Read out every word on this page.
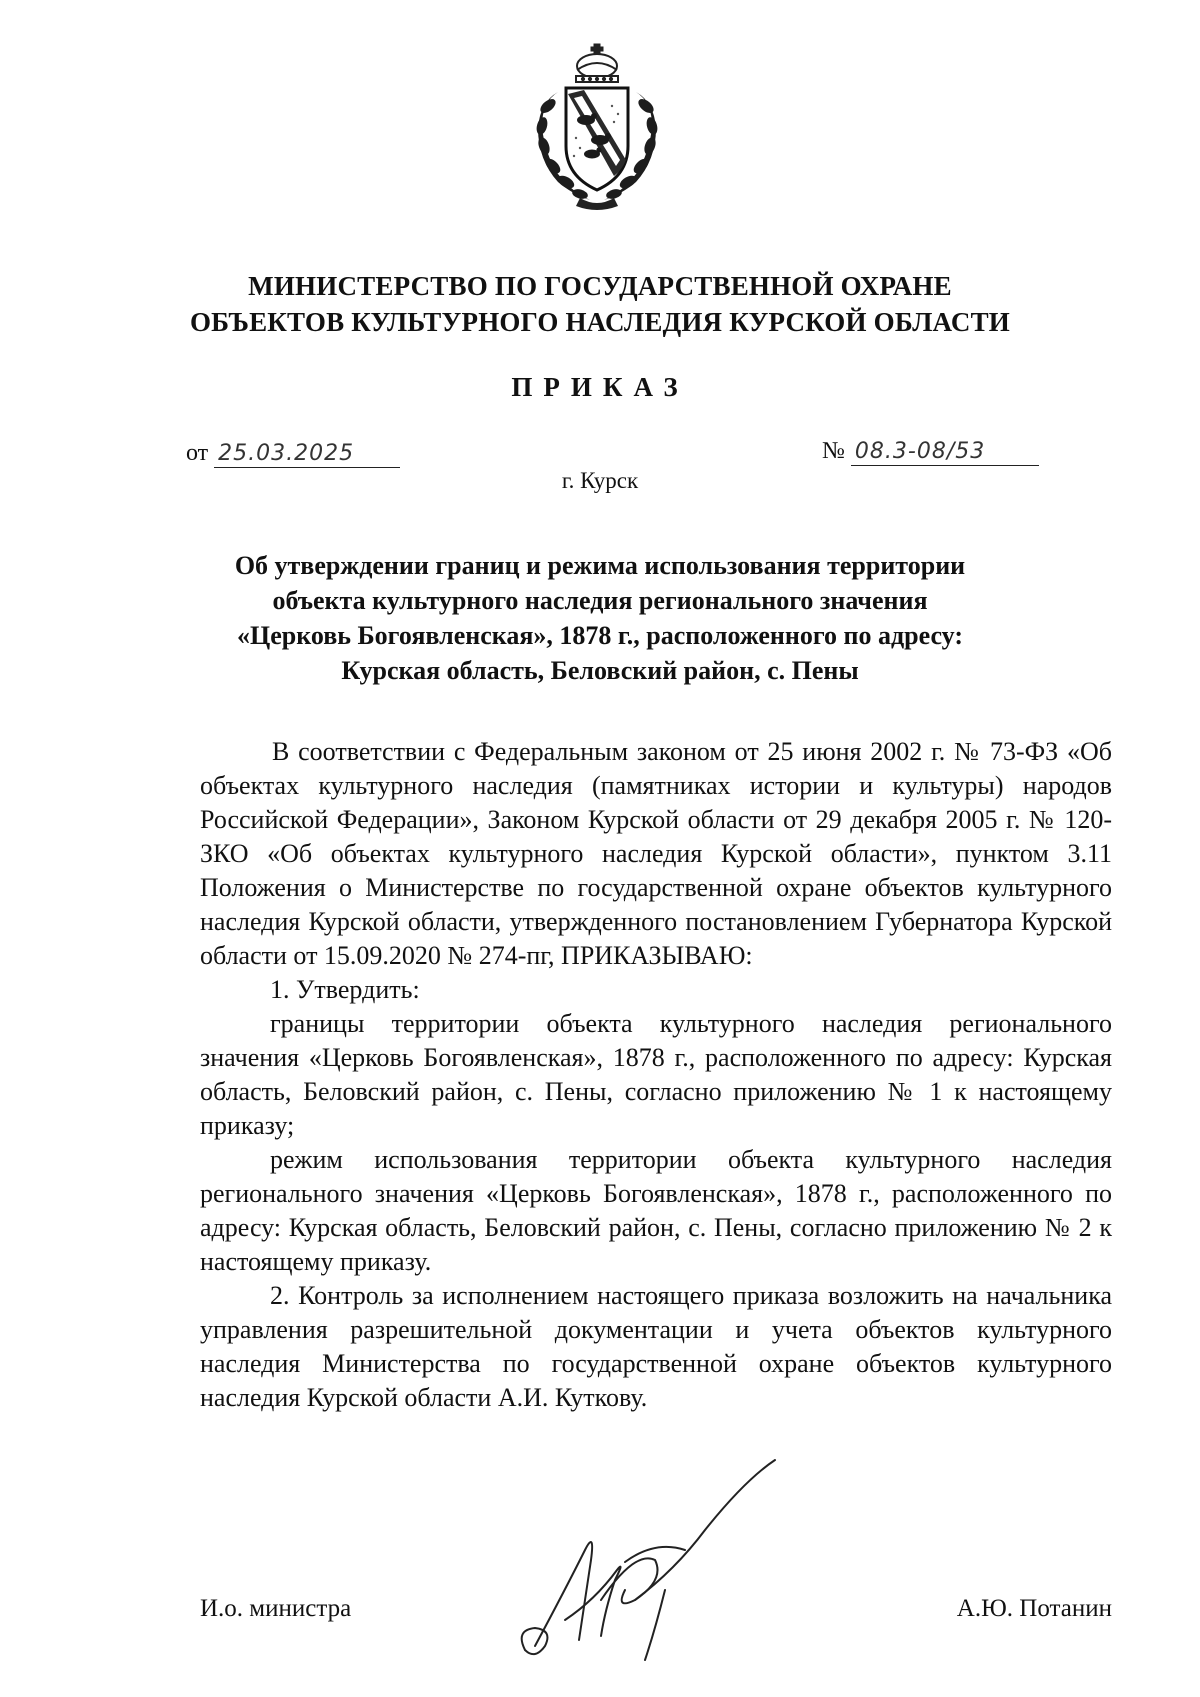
МИНИСТЕРСТВО ПО ГОСУДАРСТВЕННОЙ ОХРАНЕ
ОБЪЕКТОВ КУЛЬТУРНОГО НАСЛЕДИЯ КУРСКОЙ ОБЛАСТИ
ПРИКАЗ
от 25.03.2025	№ 08.3-08/53
г. Курск
Об утверждении границ и режима использования территории
объекта культурного наследия регионального значения
«Церковь Богоявленская», 1878 г., расположенного по адресу:
Курская область, Беловский район, с. Пены

В соответствии с Федеральным законом от 25 июня 2002 г. № 73-ФЗ «Об объектах культурного наследия (памятниках истории и культуры) народов Российской Федерации», Законом Курской области от 29 декабря 2005 г. № 120-ЗКО «Об объектах культурного наследия Курской области», пунктом 3.11 Положения о Министерстве по государственной охране объектов культурного наследия Курской области, утвержденного постановлением Губернатора Курской области от 15.09.2020 № 274-пг, ПРИКАЗЫВАЮ:

1. Утвердить:

границы территории объекта культурного наследия регионального значения «Церковь Богоявленская», 1878 г., расположенного по адресу: Курская область, Беловский район, с. Пены, согласно приложению № 1 к настоящему приказу;

режим использования территории объекта культурного наследия регионального значения «Церковь Богоявленская», 1878 г., расположенного по адресу: Курская область, Беловский район, с. Пены, согласно приложению № 2 к настоящему приказу.

2. Контроль за исполнением настоящего приказа возложить на начальника управления разрешительной документации и учета объектов культурного наследия Министерства по государственной охране объектов культурного наследия Курской области А.И. Куткову.

И.о. министра	А.Ю. Потанин
